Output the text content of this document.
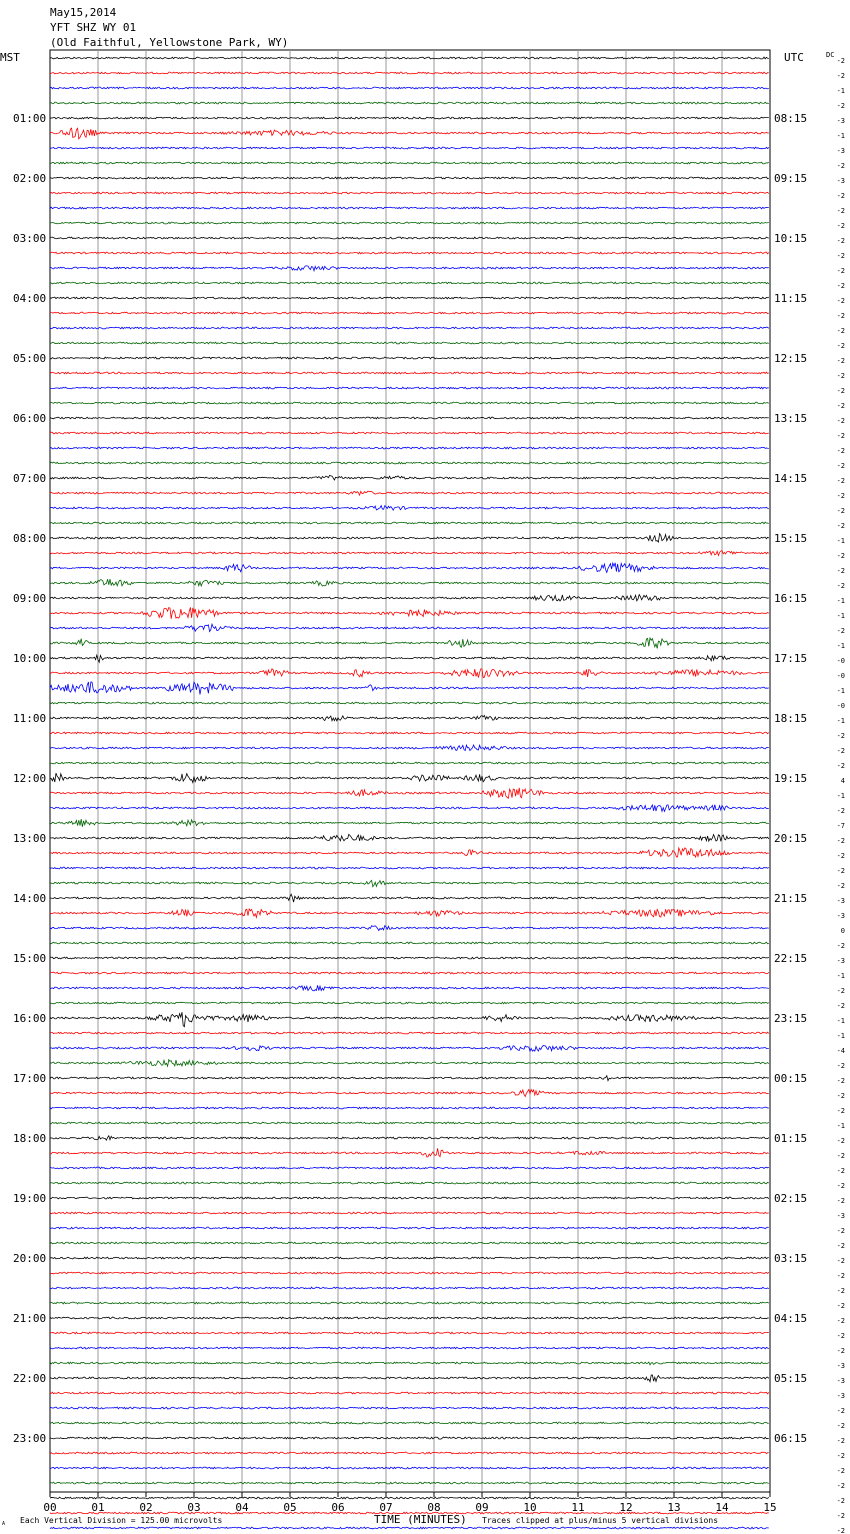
May15,2014
YFT SHZ WY 01
(Old Faithful, Yellowstone Park, WY)
MST	UTC	DC
01:00
02:00
03:00
04:00
05:00
06:00
07:00
08:00
09:00
10:00
11:00
12:00
13:00
14:00
15:00
16:00
17:00
18:00
19:00
20:00
21:00
22:00
23:00
08:15
09:15
10:15
11:15
12:15
13:15
14:15
15:15
16:15
17:15
18:15
19:15
20:15
21:15
22:15
23:15
00:15
01:15
02:15
03:15
04:15
05:15
06:15
-2
-2
-1
-2
-3
-1
-3
-2
-3
-2
-2
-2
-2
-2
-2
-2
-2
-2
-2
-2
-2
-2
-2
-2
-2
-2
-2
-2
-2
-2
-2
-2
-1
-2
-2
-2
-1
-1
-2
-1
-0
-0
-1
-0
-1
-2
-2
-2
4
-1
-2
-7
-2
-2
-2
-2
-3
-3
0
-2
-3
-1
-2
-2
-1
-1
-4
-2
-2
-2
-2
-1
-2
-2
-2
-2
-2
-3
-2
-2
-2
-2
-2
-2
-2
-2
-2
-3
-3
-3
-2
-2
-2
-2
-2
-2
-2
-2
-2
00	01	02	03	04	05	06	07	08	09	10	11	12	13	14	15
A Each Vertical Division = 125.00 microvolts	TIME (MINUTES) Traces clipped at plus/minus 5 vertical divisions
